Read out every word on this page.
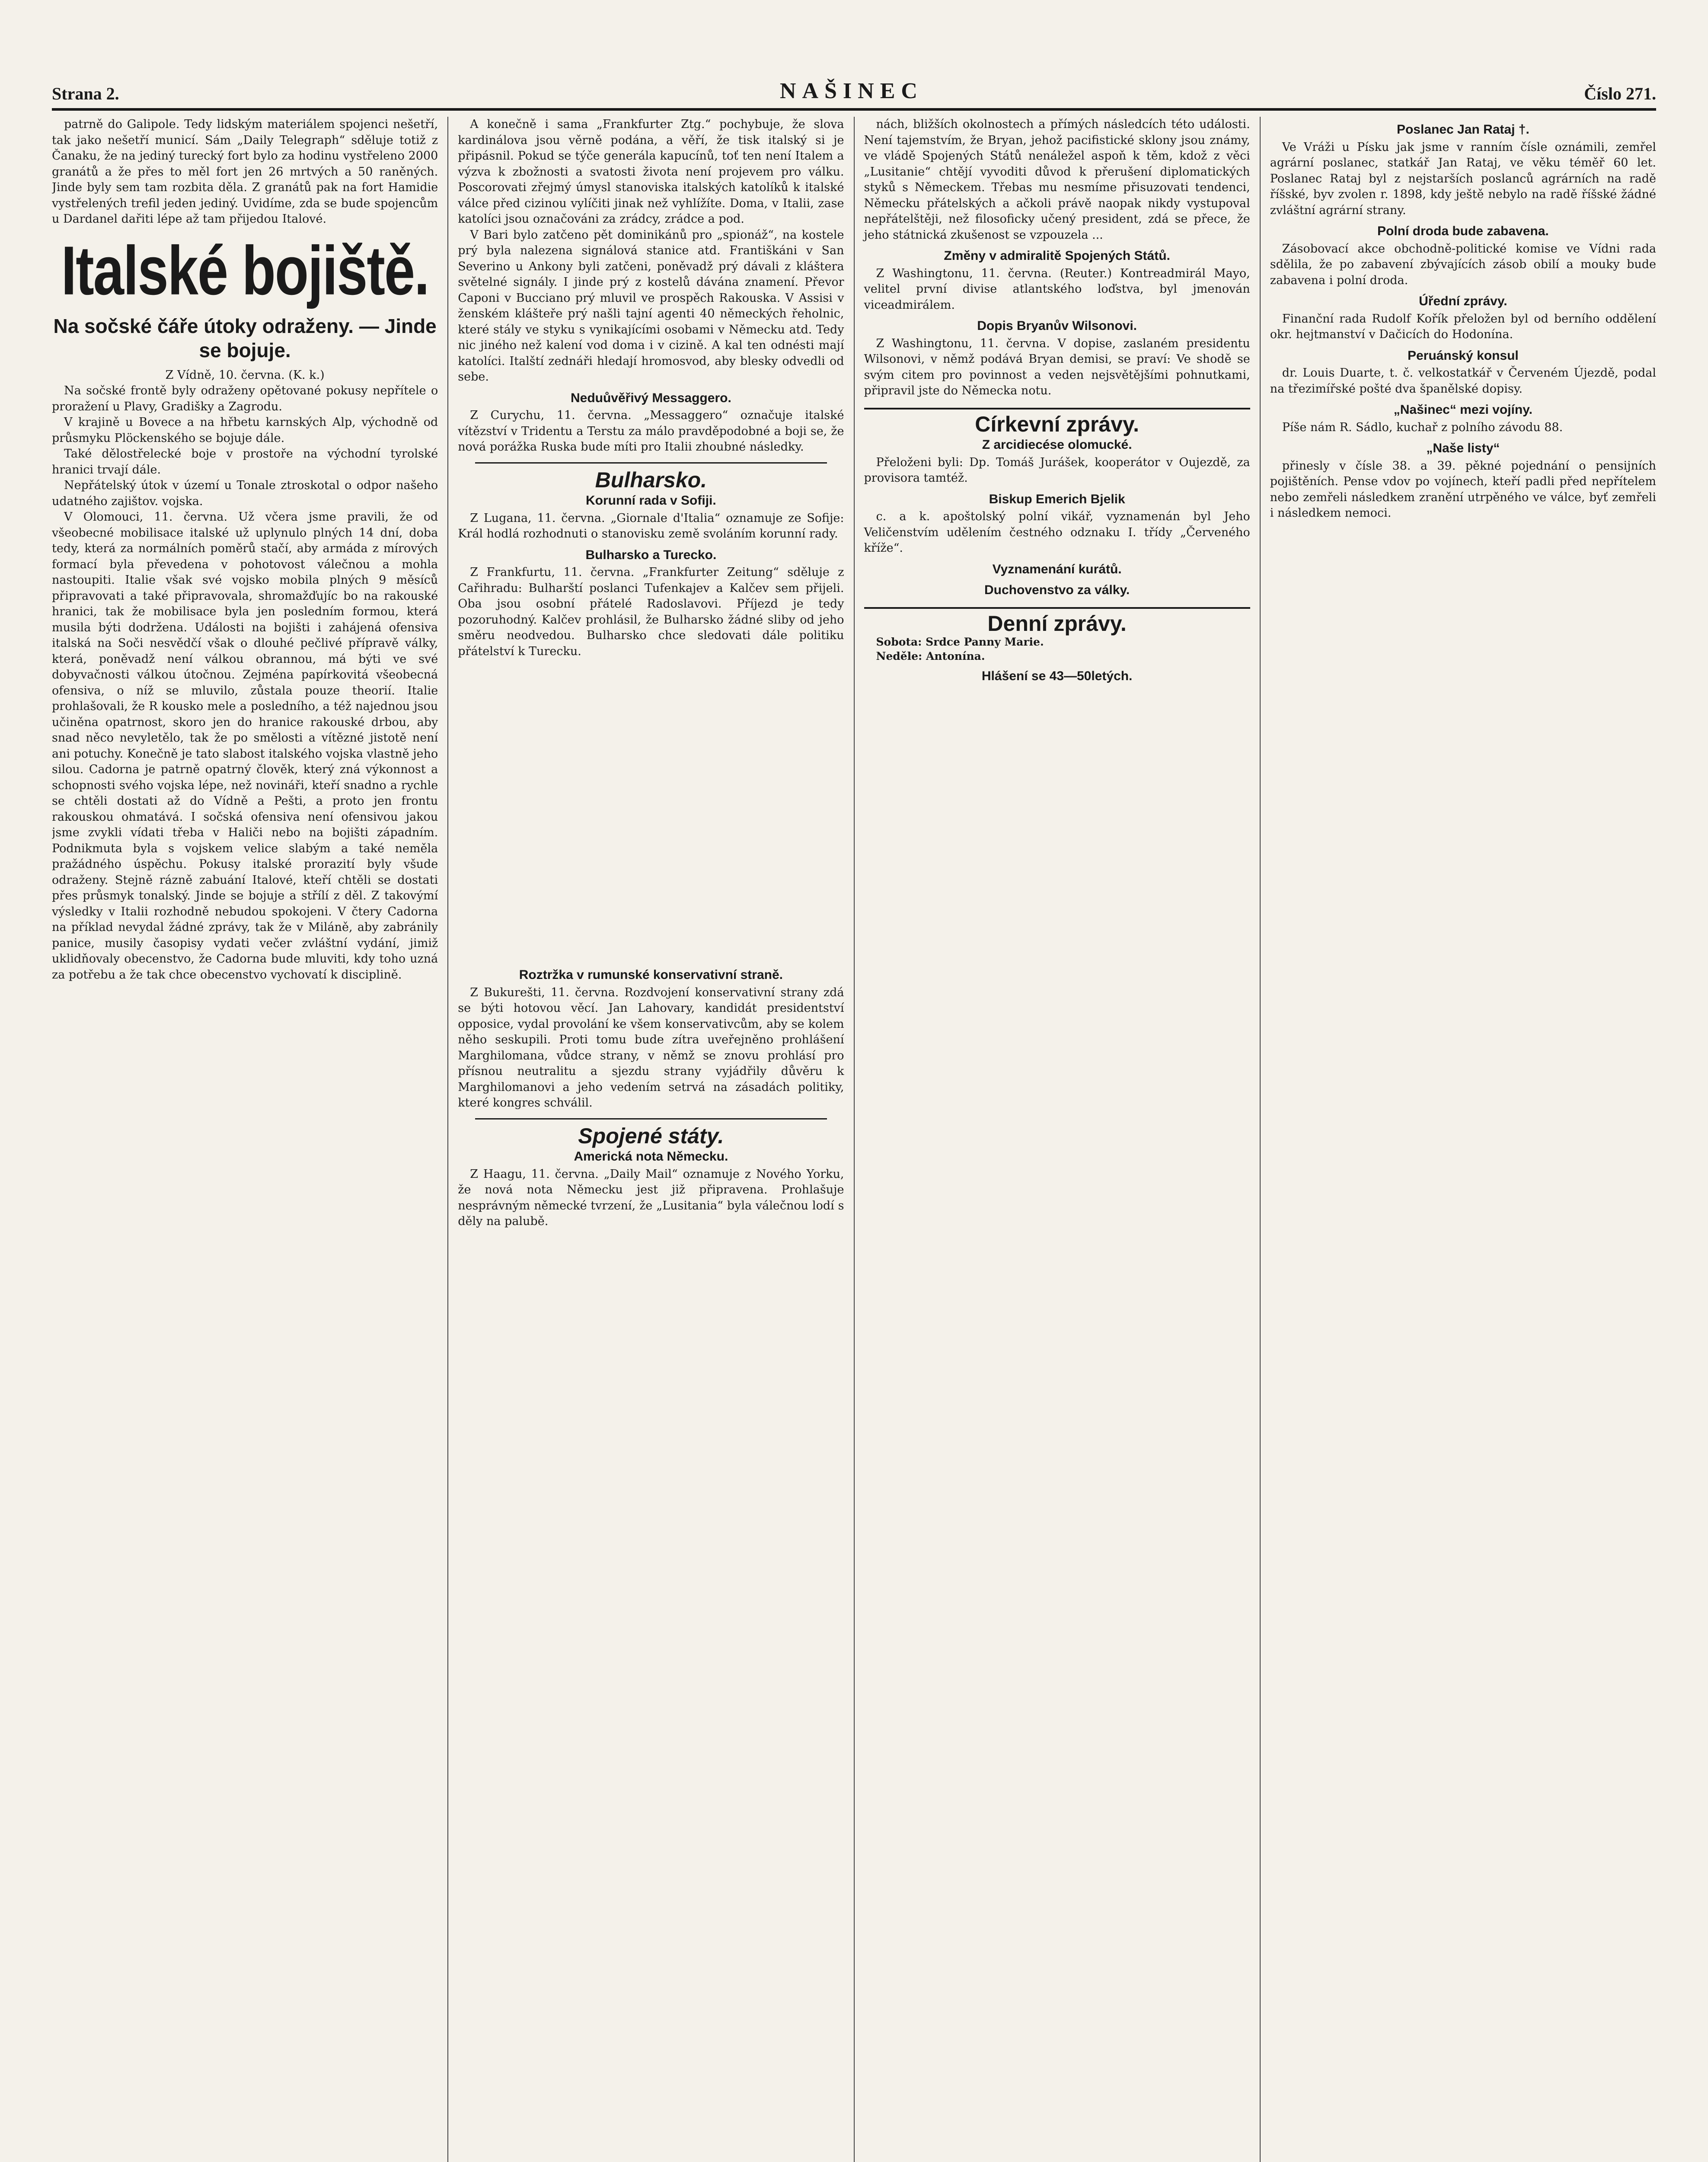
Strana 2.	NAŠINEC	Číslo 271.

patrně do Galipole. Tedy lidským materiálem spojenci nešetří, tak jako nešetří municí. Sám „Daily Telegraph“ sděluje totiž z Čanaku, že na jediný turecký fort bylo za hodinu vystřeleno 2000 granátů a že přes to měl fort jen 26 mrtvých a 50 raněných. Jinde byly sem tam rozbita děla. Z granátů pak na fort Hamidie vystřelených trefil jeden jediný. Uvidíme, zda se bude spojencům u Dardanel dařiti lépe až tam přijedou Italové.

Italské bojiště.
Na sočské čáře útoky odraženy. — Jinde se bojuje.

Z Vídně, 10. června. (K. k.)

Na sočské frontě byly odraženy opětované pokusy nepřítele o proražení u Plavy, Gradišky a Zagrodu.

V krajině u Bovece a na hřbetu karnských Alp, východně od průsmyku Plöckenského se bojuje dále.

Také dělostřelecké boje v prostoře na východní tyrolské hranici trvají dále.

Nepřátelský útok v území u Tonale ztroskotal o odpor našeho udatného zajištov. vojska.

V Olomouci, 11. června. Už včera jsme pravili, že od všeobecné mobilisace italské už uplynulo plných 14 dní, doba tedy, která za normálních poměrů stačí, aby armáda z mírových formací byla převedena v pohotovost válečnou a mohla nastoupiti. Italie však své vojsko mobila plných 9 měsíců připravovati a také připravovala, shromažďujíc bo na rakouské hranici, tak že mobilisace byla jen posledním formou, která musila býti dodržena. Události na bojišti i zahájená ofensiva italská na Soči nesvědčí však o dlouhé pečlivé přípravě války, která, poněvadž není válkou obrannou, má býti ve své dobyvačnosti válkou útočnou. Zejména papírkovitá všeobecná ofensiva, o níž se mluvilo, zůstala pouze theorií. Italie prohlašovali, že R kousko mele a posledního, a též najednou jsou učiněna opatrnost, skoro jen do hranice rakouské drbou, aby snad něco nevyletělo, tak že po smělosti a vítězné jistotě není ani potuchy. Konečně je tato slabost italského vojska vlastně jeho silou. Cadorna je patrně opatrný člověk, který zná výkonnost a schopnosti svého vojska lépe, než novináři, kteří snadno a rychle se chtěli dostati až do Vídně a Pešti, a proto jen frontu rakouskou ohmatává. I sočská ofensiva není ofensivou jakou jsme zvykli vídati třeba v Haliči nebo na bojišti západním. Podnikmuta byla s vojskem velice slabým a také neměla pražádného úspěchu. Pokusy italské prorazití byly všude odraženy. Stejně rázně zabuání Italové, kteří chtěli se dostati přes průsmyk tonalský. Jinde se bojuje a střílí z děl. Z takovýmí výsledky v Italii rozhodně nebudou spokojeni. V čtery Cadorna na příklad nevydal žádné zprávy, tak že v Miláně, aby zabránily panice, musily časopisy vydati večer zvláštní vydání, jimiž uklidňovaly obecenstvo, že Cadorna bude mluviti, kdy toho uzná za potřebu a že tak chce obecenstvo vychovatí k disciplině.

A konečně i sama „Frankfurter Ztg.“ pochybuje, že slova kardinálova jsou věrně podána, a věří, že tisk italský si je připásnil. Pokud se týče generála kapucínů, toť ten není Italem a výzva k zbožnosti a svatosti života není projevem pro válku. Poscorovati zřejmý úmysl stanoviska italských katolíků k italské válce před cizinou vylíčiti jinak než vyhlížíte. Doma, v Italii, zase katolíci jsou označováni za zrádcy, zrádce a pod.

V Bari bylo zatčeno pět dominikánů pro „spionáž“, na kostele prý byla nalezena signálová stanice atd. Františkáni v San Severino u Ankony byli zatčeni, poněvadž prý dávali z kláštera světelné signály. I jinde prý z kostelů dávána znamení. Převor Caponi v Bucciano prý mluvil ve prospěch Rakouska. V Assisi v ženském klášteře prý našli tajní agenti 40 německých řeholnic, které stály ve styku s vynikajícími osobami v Německu atd. Tedy nic jiného než kalení vod doma i v cizině. A kal ten odnésti mají katolíci. Italští zednáři hledají hromosvod, aby blesky odvedli od sebe.

Neduůvěřivý Messaggero.

Z Curychu, 11. června. „Messaggero“ označuje italské vítězství v Tridentu a Terstu za málo pravděpodobné a boji se, že nová porážka Ruska bude míti pro Italii zhoubné následky.

Bulharsko.
Korunní rada v Sofiji.

Z Lugana, 11. června. „Giornale d'Italia“ oznamuje ze Sofije: Král hodlá rozhodnuti o stanovisku země svoláním korunní rady.

Bulharsko a Turecko.

Z Frankfurtu, 11. června. „Frankfurter Zeitung“ sděluje z Cařihradu: Bulharští poslanci Tufenkajev a Kalčev sem přijeli. Oba jsou osobní přátelé Radoslavovi. Příjezd je tedy pozoruhodný. Kalčev prohlásil, že Bulharsko žádné sliby od jeho směru neodvedou. Bulharsko chce sledovati dále politiku přátelství k Turecku.

Roztržka v rumunské konservativní straně.

Z Bukurešti, 11. června. Rozdvojení konservativní strany zdá se býti hotovou věcí. Jan Lahovary, kandidát presidentství opposice, vydal provolání ke všem konservativcům, aby se kolem něho seskupili. Proti tomu bude zítra uveřejněno prohlášení Marghilomana, vůdce strany, v němž se znovu prohlásí pro přísnou neutralitu a sjezdu strany vyjádřily důvěru k Marghilomanovi a jeho vedením setrvá na zásadách politiky, které kongres schválil.

Spojené státy.
Americká nota Německu.

Z Haagu, 11. června. „Daily Mail“ oznamuje z Nového Yorku, že nová nota Německu jest již připravena. Prohlašuje nesprávným německé tvrzení, že „Lusitania“ byla válečnou lodí s děly na palubě.

nách, bližších okolnostech a přímých následcích této události. Není tajemstvím, že Bryan, jehož pacifistické sklony jsou známy, ve vládě Spojených Států nenáležel aspoň k těm, kdož z věci „Lusitanie“ chtějí vyvoditi důvod k přerušení diplomatických styků s Německem. Třebas mu nesmíme přisuzovati tendenci, Německu přátelských a ačkoli právě naopak nikdy vystupoval nepřátelštěji, než filosoficky učený president, zdá se přece, že jeho státnická zkušenost se vzpouzela ...

Změny v admiralitě Spojených Států.

Z Washingtonu, 11. června. (Reuter.) Kontreadmirál Mayo, velitel první divise atlantského loďstva, byl jmenován viceadmirálem.

Dopis Bryanův Wilsonovi.

Z Washingtonu, 11. června. V dopise, zaslaném presidentu Wilsonovi, v němž podává Bryan demisi, se praví: Ve shodě se svým citem pro povinnost a veden nejsvětějšími pohnutkami, připravil jste do Německa notu.

Církevní zprávy.
Z arcidiecése olomucké.

Přeloženi byli: Dp. Tomáš Jurášek, kooperátor v Oujezdě, za provisora tamtéž.

Biskup Emerich Bjelik

c. a k. apoštolský polní vikář, vyznamenán byl Jeho Veličenstvím udělením čestného odznaku I. třídy „Červeného kříže“.

Vyznamenání kurátů.
Duchovenstvo za války.
Denní zprávy.

Sobota: Srdce Panny Marie.

Neděle: Antonína.

Hlášení se 43—50letých.
Poslanec Jan Rataj †.

Ve Vráži u Písku jak jsme v ranním čísle oznámili, zemřel agrární poslanec, statkář Jan Rataj, ve věku téměř 60 let. Poslanec Rataj byl z nejstarších poslanců agrárních na radě říšské, byv zvolen r. 1898, kdy ještě nebylo na radě říšské žádné zvláštní agrární strany.

Polní droda bude zabavena.

Zásobovací akce obchodně-politické komise ve Vídni rada sdělila, že po zabavení zbývajících zásob obilí a mouky bude zabavena i polní droda.

Úřední zprávy.

Finanční rada Rudolf Kořík přeložen byl od berního oddělení okr. hejtmanství v Dačicích do Hodonína.

Peruánský konsul

dr. Louis Duarte, t. č. velkostatkář v Červeném Újezdě, podal na třezimířské pošté dva španělské dopisy.

„Našinec“ mezi vojíny.

Píše nám R. Sádlo, kuchař z polního závodu 88.

„Naše listy“

přinesly v čísle 38. a 39. pěkné pojednání o pensijních pojištěních. Pense vdov po vojínech, kteří padli před nepřítelem nebo zemřeli následkem zranění utrpěného ve válce, byť zemřeli i následkem nemoci.
